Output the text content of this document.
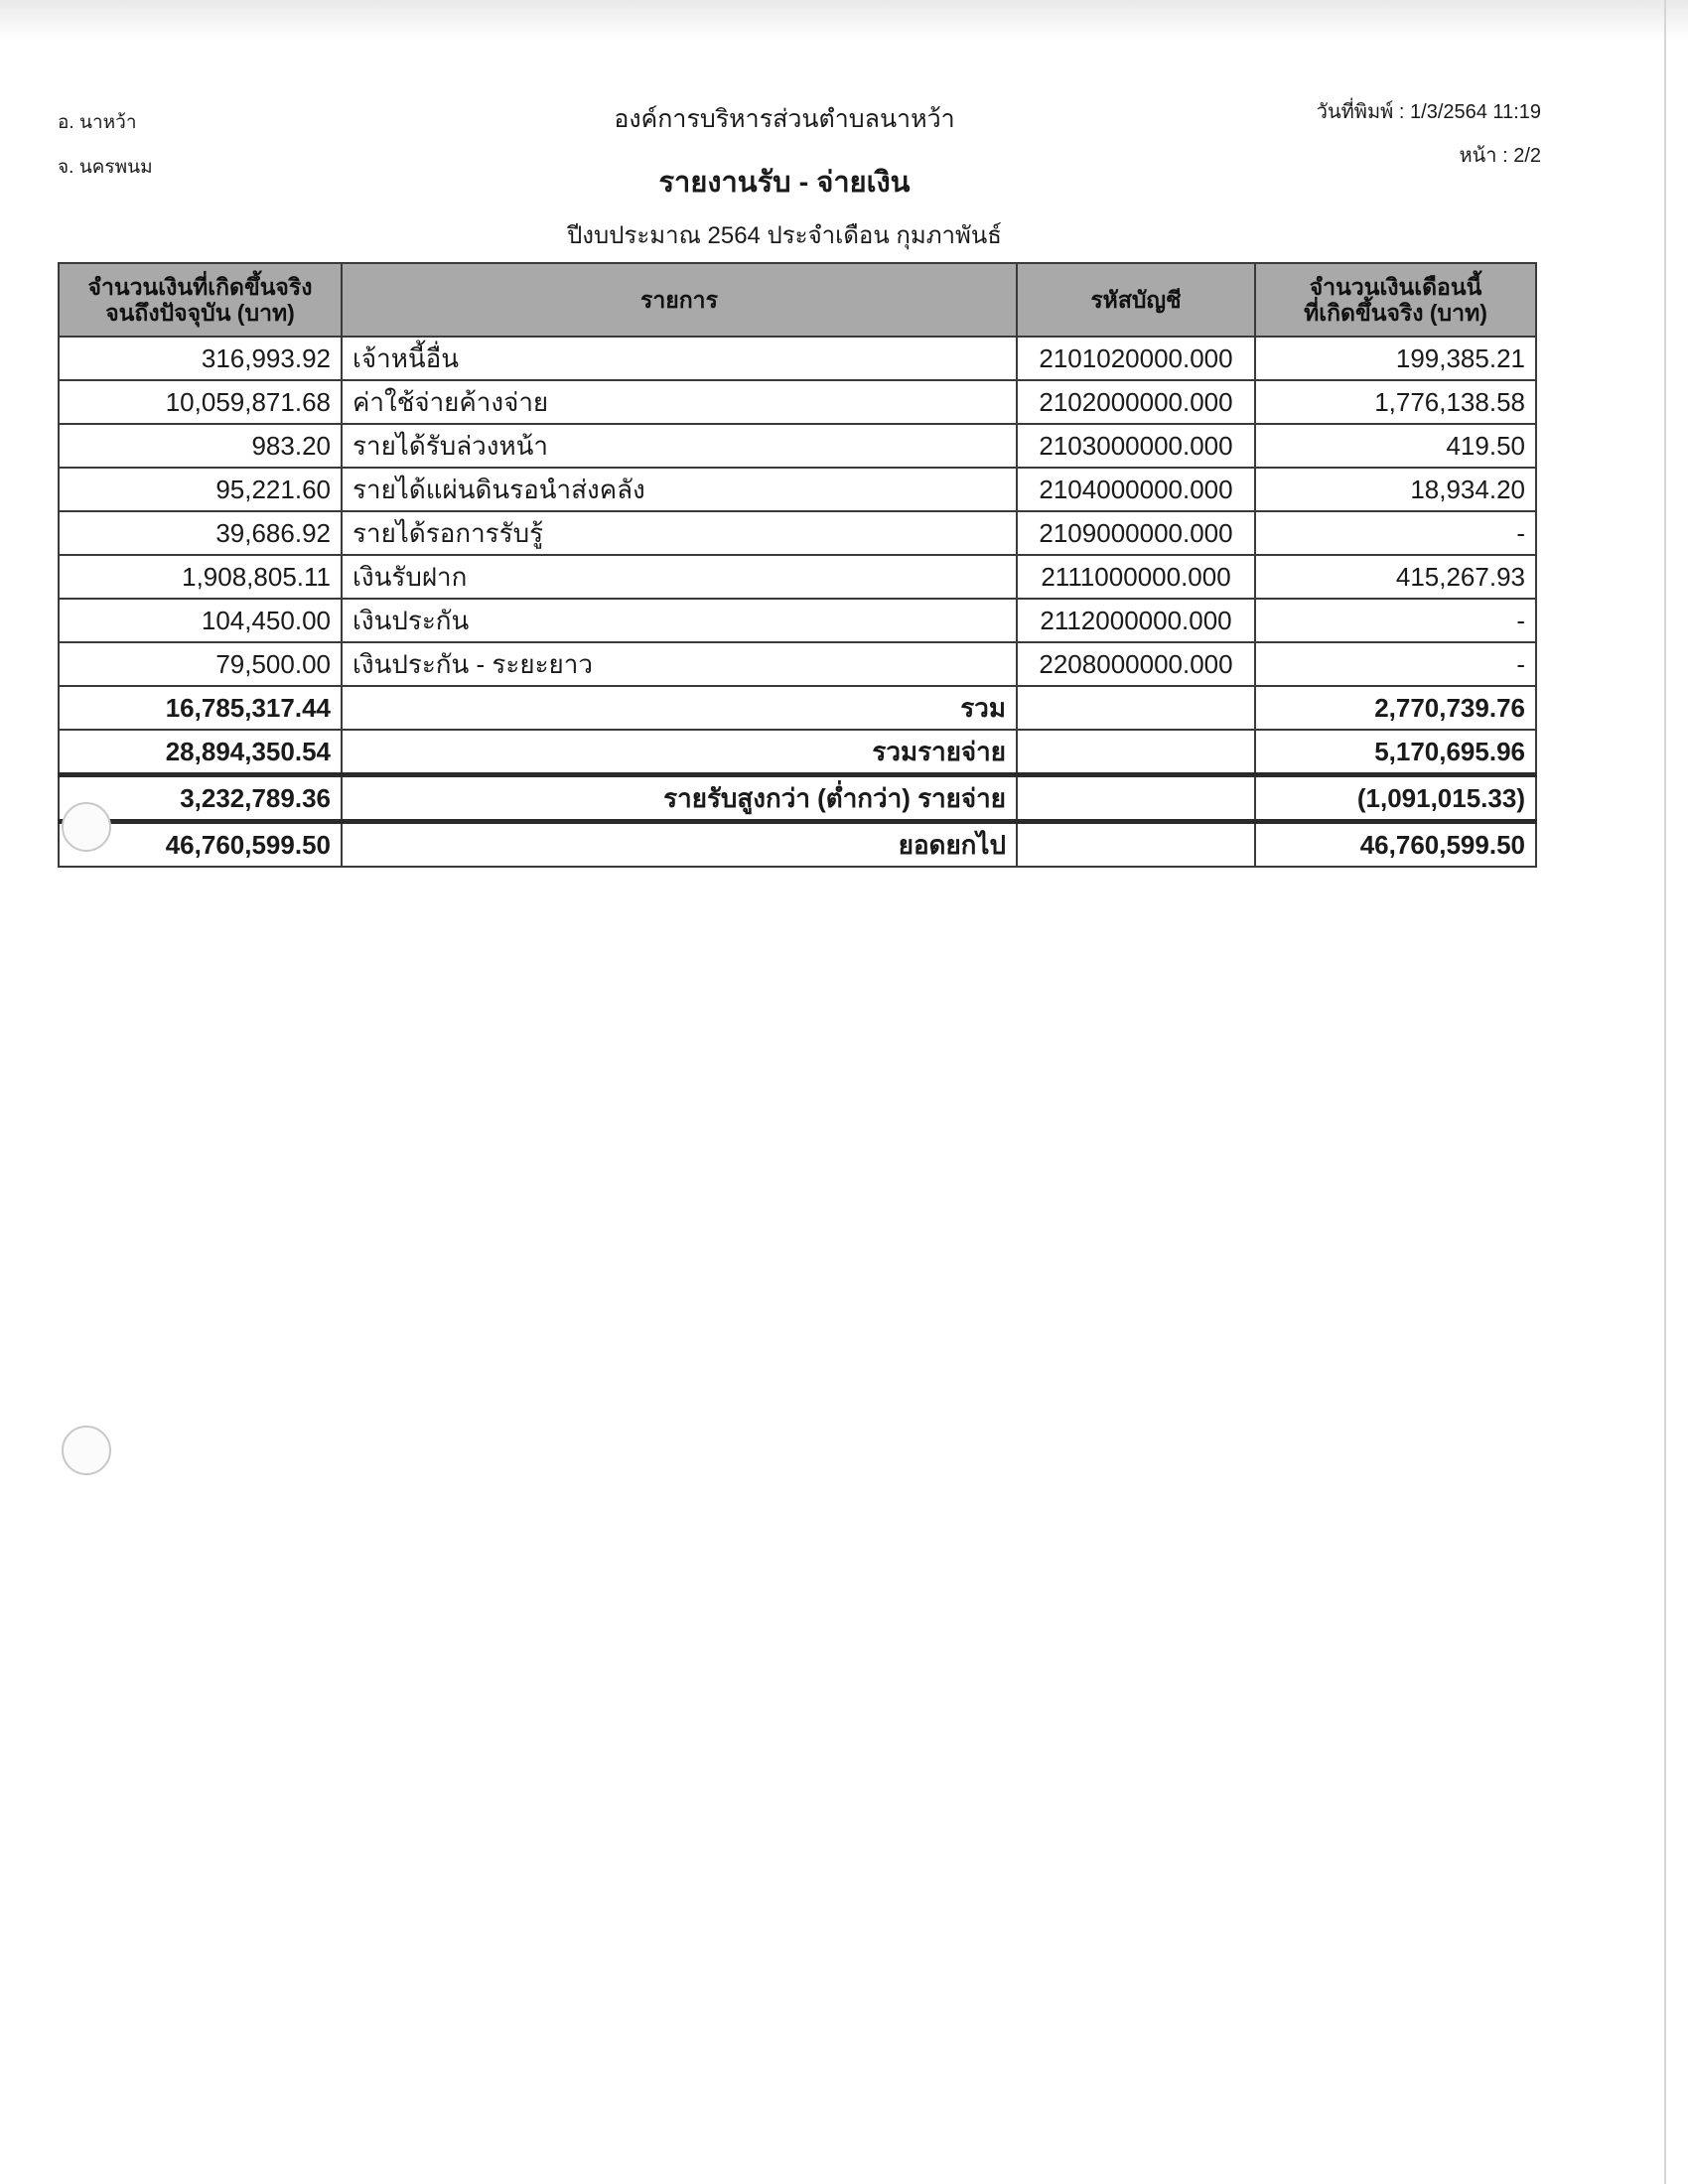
อ. นาหว้า
จ. นครพนม
องค์การบริหารส่วนตำบลนาหว้า
รายงานรับ - จ่ายเงิน
ปีงบประมาณ 2564 ประจำเดือน กุมภาพันธ์
วันที่พิมพ์ : 1/3/2564 11:19
หน้า : 2/2
จำนวนเงินที่เกิดขึ้นจริง
จนถึงปัจจุบัน (บาท)	รายการ	รหัสบัญชี	จำนวนเงินเดือนนี้
ที่เกิดขึ้นจริง (บาท)
316,993.92	เจ้าหนี้อื่น	2101020000.000	199,385.21
10,059,871.68	ค่าใช้จ่ายค้างจ่าย	2102000000.000	1,776,138.58
983.20	รายได้รับล่วงหน้า	2103000000.000	419.50
95,221.60	รายได้แผ่นดินรอนำส่งคลัง	2104000000.000	18,934.20
39,686.92	รายได้รอการรับรู้	2109000000.000	-
1,908,805.11	เงินรับฝาก	2111000000.000	415,267.93
104,450.00	เงินประกัน	2112000000.000	-
79,500.00	เงินประกัน - ระยะยาว	2208000000.000	-
16,785,317.44	รวม		2,770,739.76
28,894,350.54	รวมรายจ่าย		5,170,695.96
3,232,789.36	รายรับสูงกว่า (ต่ำกว่า) รายจ่าย		(1,091,015.33)
46,760,599.50	ยอดยกไป		46,760,599.50
